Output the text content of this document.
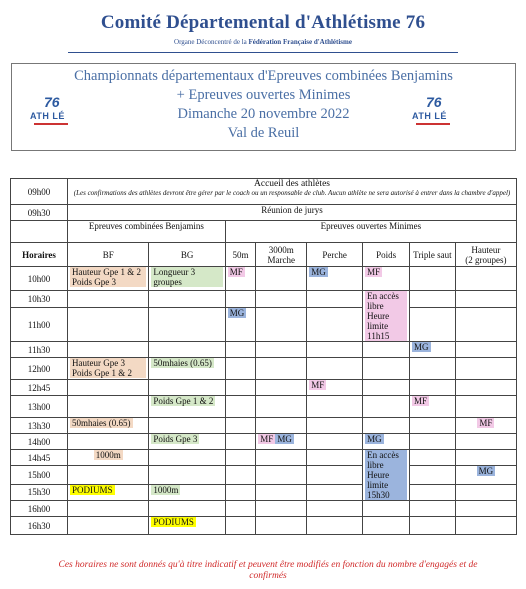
Comité Départemental d'Athlétisme 76
Organe Déconcentré de la Fédération Française d'Athlétisme
Championnats départementaux d'Epreuves combinées Benjamins
+ Epreuves ouvertes Minimes
Dimanche 20 novembre 2022
Val de Reuil
76
ATH LÉ
76
ATH LÉ
09h00	Accueil des athlètes
(Les confirmations des athlètes devront être gérer par le coach ou un responsable de club. Aucun athlète ne sera autorisé à entrer dans la chambre d'appel)							

09h30	Réunion de jurys							
	Epreuves combinées Benjamins		Epreuves ouvertes Minimes					
Horaires	BF	BG	50m	3000m Marche	Perche	Poids	Triple saut	Hauteur
(2 groupes)

10h00	Hauteur Gpe 1 & 2 Poids Gpe 3	Longueur 3 groupes	MF		MG	MF		
10h30						En accès libre Heure limite 11h15		

11h00			MG					
11h30							MG	
12h00	Hauteur Gpe 3 Poids Gpe 1 & 2	50mhaies (0.65)						
12h45					MF			
13h00		Poids Gpe 1 & 2					MF	
13h30	50mhaies (0.65)							MF
14h00		Poids Gpe 3		MF MG		MG		
14h45	1000m					En accès libre Heure limite 15h30		

15h00								MG
15h30	PODIUMS	1000m						
16h00								
16h30		PODIUMS						
Ces horaires ne sont donnés qu'à titre indicatif et peuvent être modifiés en fonction du nombre d'engagés et de confirmés
